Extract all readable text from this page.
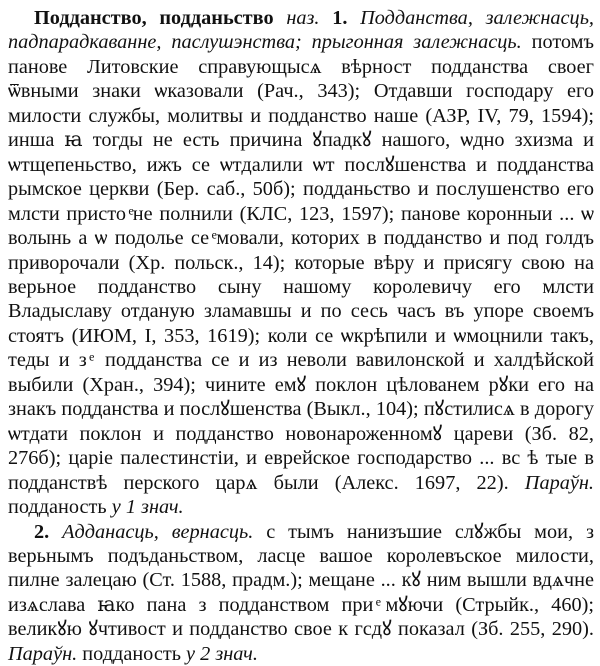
Подданство, подданьство наз. 1. Подданства, залежнасць, падпарадкаванне, паслушэнства; прыгонная залежнасць. потомъ панове Литовские справующысѧ вѣрност подданства своег ѿвными знаки ѡказовали (Рач., 343); Отдавши господару его милости службы, молитвы и подданство наше (АЗР, IV, 79, 1594); инша ꙗ тогды не есть причина ꙋпадкꙋ нашого, ѡдно зхизма и ѡтщепеньство, ижъ се ѡтдалили ѡт послꙋшенства и подданства рымское церкви (Бер. саб., 50б); подданьство и послушенство его млсти присто ͤне полнили (КЛС, 123, 1597); панове коронныи ... ѡ волынь а ѡ подолье се ͤмовали, которих в подданство и под голдъ приворочали (Хр. польск., 14); которые вѣру и присягу свою на верьное подданство сыну нашому королевичу его млсти Владыславу отданую зламавшы и по сесь часъ въ упоре своемъ стоятъ (ИЮМ, I, 353, 1619); коли се ѡкрѣпили и ѡмоцнили такъ, теды и з ͤ подданства се и из неволи вавилонской и халдѣйской выбили (Хран., 394); чините емꙋ поклон цѣлованем рꙋки его на знакъ подданства и послꙋшенства (Выкл., 104); пꙋстилисѧ в дорогу ѡтдати поклон и подданство новонароженномꙋ цареви (Зб. 82, 276б); царіе палестинстіи, и еврейское господарство ... вс ѣ тые в подданствѣ перского царѧ были (Алекс. 1697, 22). Параўн. подданость у 1 знач.

2. Адданасць, вернасць. с тымъ нанизъшие слꙋжбы мои, з верьнымъ подъданьством, ласце вашое королевъское милости, пилне залецаю (Ст. 1588, прадм.); мещане ... кꙋ ним вышли вдѧчне изѧслава ꙗко пана з подданством при ͤмꙋючи (Стрыйк., 460); великꙋю ꙋчтивост и подданство свое к гсдꙋ показал (Зб. 255, 290). Параўн. подданость у 2 знач.
